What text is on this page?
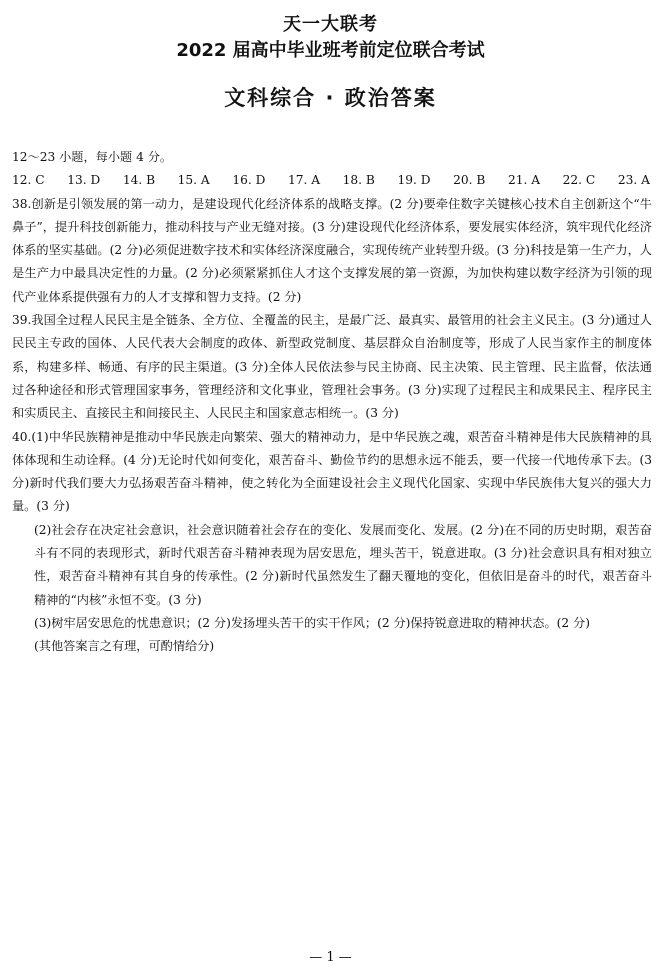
天一大联考
2022 届高中毕业班考前定位联合考试
文科综合 · 政治答案
12～23 小题，每小题 4 分。
12. C 13. D 14. B 15. A 16. D 17. A 18. B 19. D 20. B 21. A 22. C 23. A
38.创新是引领发展的第一动力，是建设现代化经济体系的战略支撑。(2 分)要牵住数字关键核心技术自主创新这个“牛鼻子”，提升科技创新能力，推动科技与产业无缝对接。(3 分)建设现代化经济体系，要发展实体经济，筑牢现代化经济体系的坚实基础。(2 分)必须促进数字技术和实体经济深度融合，实现传统产业转型升级。(3 分)科技是第一生产力，人是生产力中最具决定性的力量。(2 分)必须紧紧抓住人才这个支撑发展的第一资源，为加快构建以数字经济为引领的现代产业体系提供强有力的人才支撑和智力支持。(2 分)
39.我国全过程人民民主是全链条、全方位、全覆盖的民主，是最广泛、最真实、最管用的社会主义民主。(3 分)通过人民民主专政的国体、人民代表大会制度的政体、新型政党制度、基层群众自治制度等，形成了人民当家作主的制度体系，构建多样、畅通、有序的民主渠道。(3 分)全体人民依法参与民主协商、民主决策、民主管理、民主监督，依法通过各种途径和形式管理国家事务，管理经济和文化事业，管理社会事务。(3 分)实现了过程民主和成果民主、程序民主和实质民主、直接民主和间接民主、人民民主和国家意志相统一。(3 分)
40.(1)中华民族精神是推动中华民族走向繁荣、强大的精神动力，是中华民族之魂，艰苦奋斗精神是伟大民族精神的具体体现和生动诠释。(4 分)无论时代如何变化，艰苦奋斗、勤俭节约的思想永远不能丢，要一代接一代地传承下去。(3 分)新时代我们要大力弘扬艰苦奋斗精神，使之转化为全面建设社会主义现代化国家、实现中华民族伟大复兴的强大力量。(3 分)
(2)社会存在决定社会意识，社会意识随着社会存在的变化、发展而变化、发展。(2 分)在不同的历史时期，艰苦奋斗有不同的表现形式，新时代艰苦奋斗精神表现为居安思危，埋头苦干，锐意进取。(3 分)社会意识具有相对独立性，艰苦奋斗精神有其自身的传承性。(2 分)新时代虽然发生了翻天覆地的变化，但依旧是奋斗的时代，艰苦奋斗精神的“内核”永恒不变。(3 分)
(3)树牢居安思危的忧患意识；(2 分)发扬埋头苦干的实干作风；(2 分)保持锐意进取的精神状态。(2 分)
(其他答案言之有理，可酌情给分)
— 1 —
